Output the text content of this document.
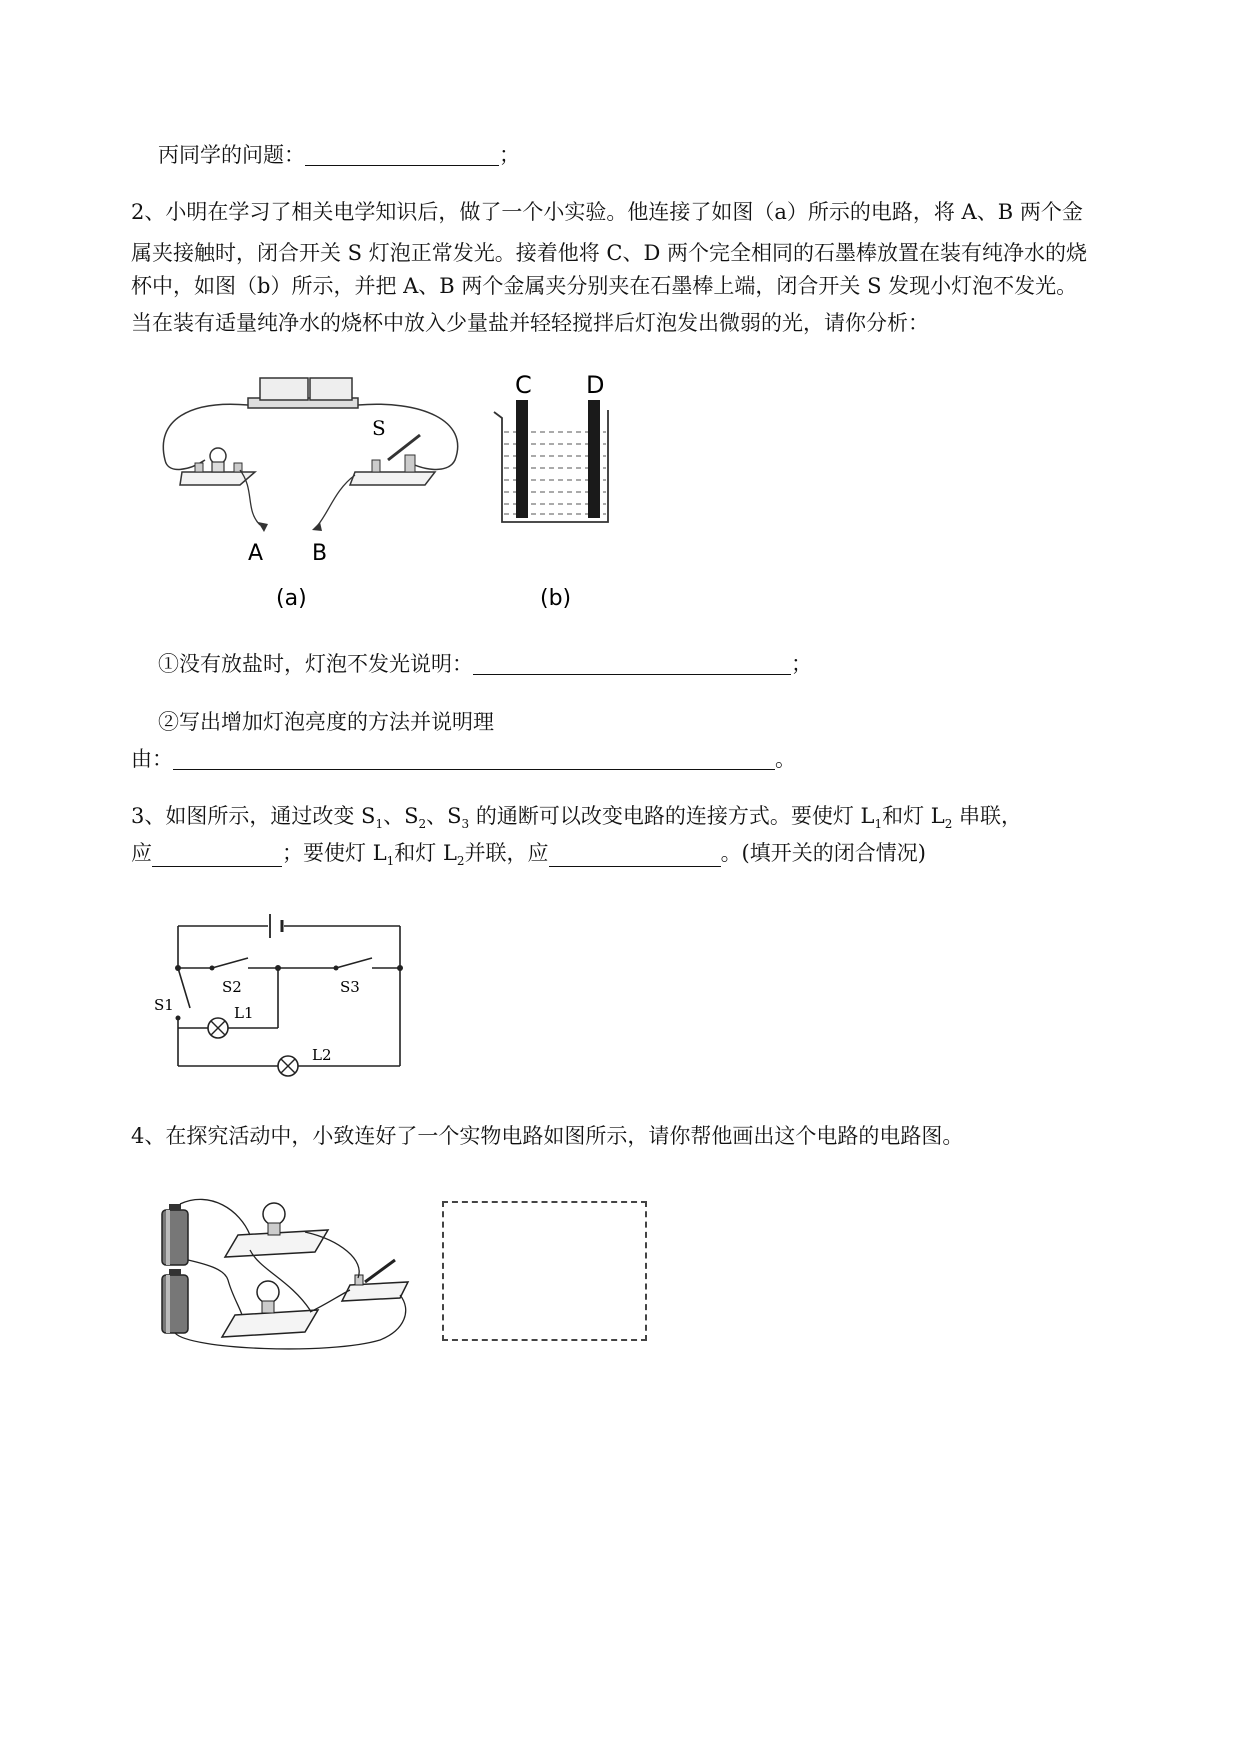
丙同学的问题：	；
2、小明在学习了相关电学知识后，做了一个小实验。他连接了如图（a）所示的电路，将 A、B 两个金
属夹接触时，闭合开关 S 灯泡正常发光。接着他将 C、D 两个完全相同的石墨棒放置在装有纯净水的烧
杯中，如图（b）所示，并把 A、B 两个金属夹分别夹在石墨棒上端，闭合开关 S 发现小灯泡不发光。
当在装有适量纯净水的烧杯中放入少量盐并轻轻搅拌后灯泡发出微弱的光，请你分析：
S
A B
(a)
C D
(b)
①没有放盐时，灯泡不发光说明：	；
②写出增加灯泡亮度的方法并说明理
由：	。
3、如图所示，通过改变 $S_1$、$S_2$、$S_3$ 的通断可以改变电路的连接方式。要使灯 $L_1$和灯 $L_2$ 串联，
应	；要使灯 $L_1$和灯 $L_2$并联，应	。(填开关的闭合情况)
S2	S3
S1	L1
L2
4、在探究活动中，小致连好了一个实物电路如图所示，请你帮他画出这个电路的电路图。
